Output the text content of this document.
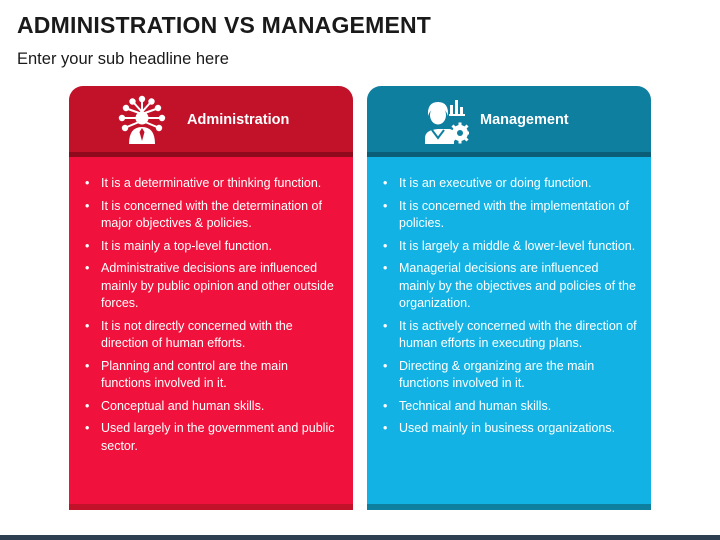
ADMINISTRATION VS MANAGEMENT

Enter your sub headline here

Administration
• It is a determinative or thinking function.
• It is concerned with the determination of major objectives & policies.
• It is mainly a top-level function.
• Administrative decisions are influenced mainly by public opinion and other outside forces.
• It is not directly concerned with the direction of human efforts.
• Planning and control are the main functions involved in it.
• Conceptual and human skills.
• Used largely in the government and public sector.
Management
• It is an executive or doing function.
• It is concerned with the implementation of policies.
• It is largely a middle & lower-level function.
• Managerial decisions are influenced mainly by the objectives and policies of the organization.
• It is actively concerned with the direction of human efforts in executing plans.
• Directing & organizing are the main functions involved in it.
• Technical and human skills.
• Used mainly in business organizations.
